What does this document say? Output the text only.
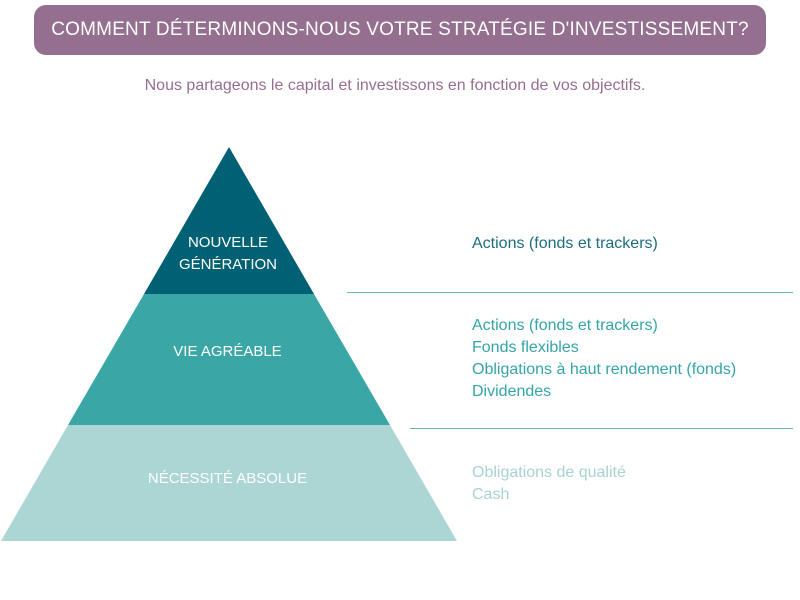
COMMENT DÉTERMINONS-NOUS VOTRE STRATÉGIE D'INVESTISSEMENT?
Nous partageons le capital et investissons en fonction de vos objectifs.
NOUVELLE
GÉNÉRATION
VIE AGRÉABLE
NÉCESSITÉ ABSOLUE
Actions (fonds et trackers)
Actions (fonds et trackers)
Fonds flexibles
Obligations à haut rendement (fonds)
Dividendes
Obligations de qualité
Cash
